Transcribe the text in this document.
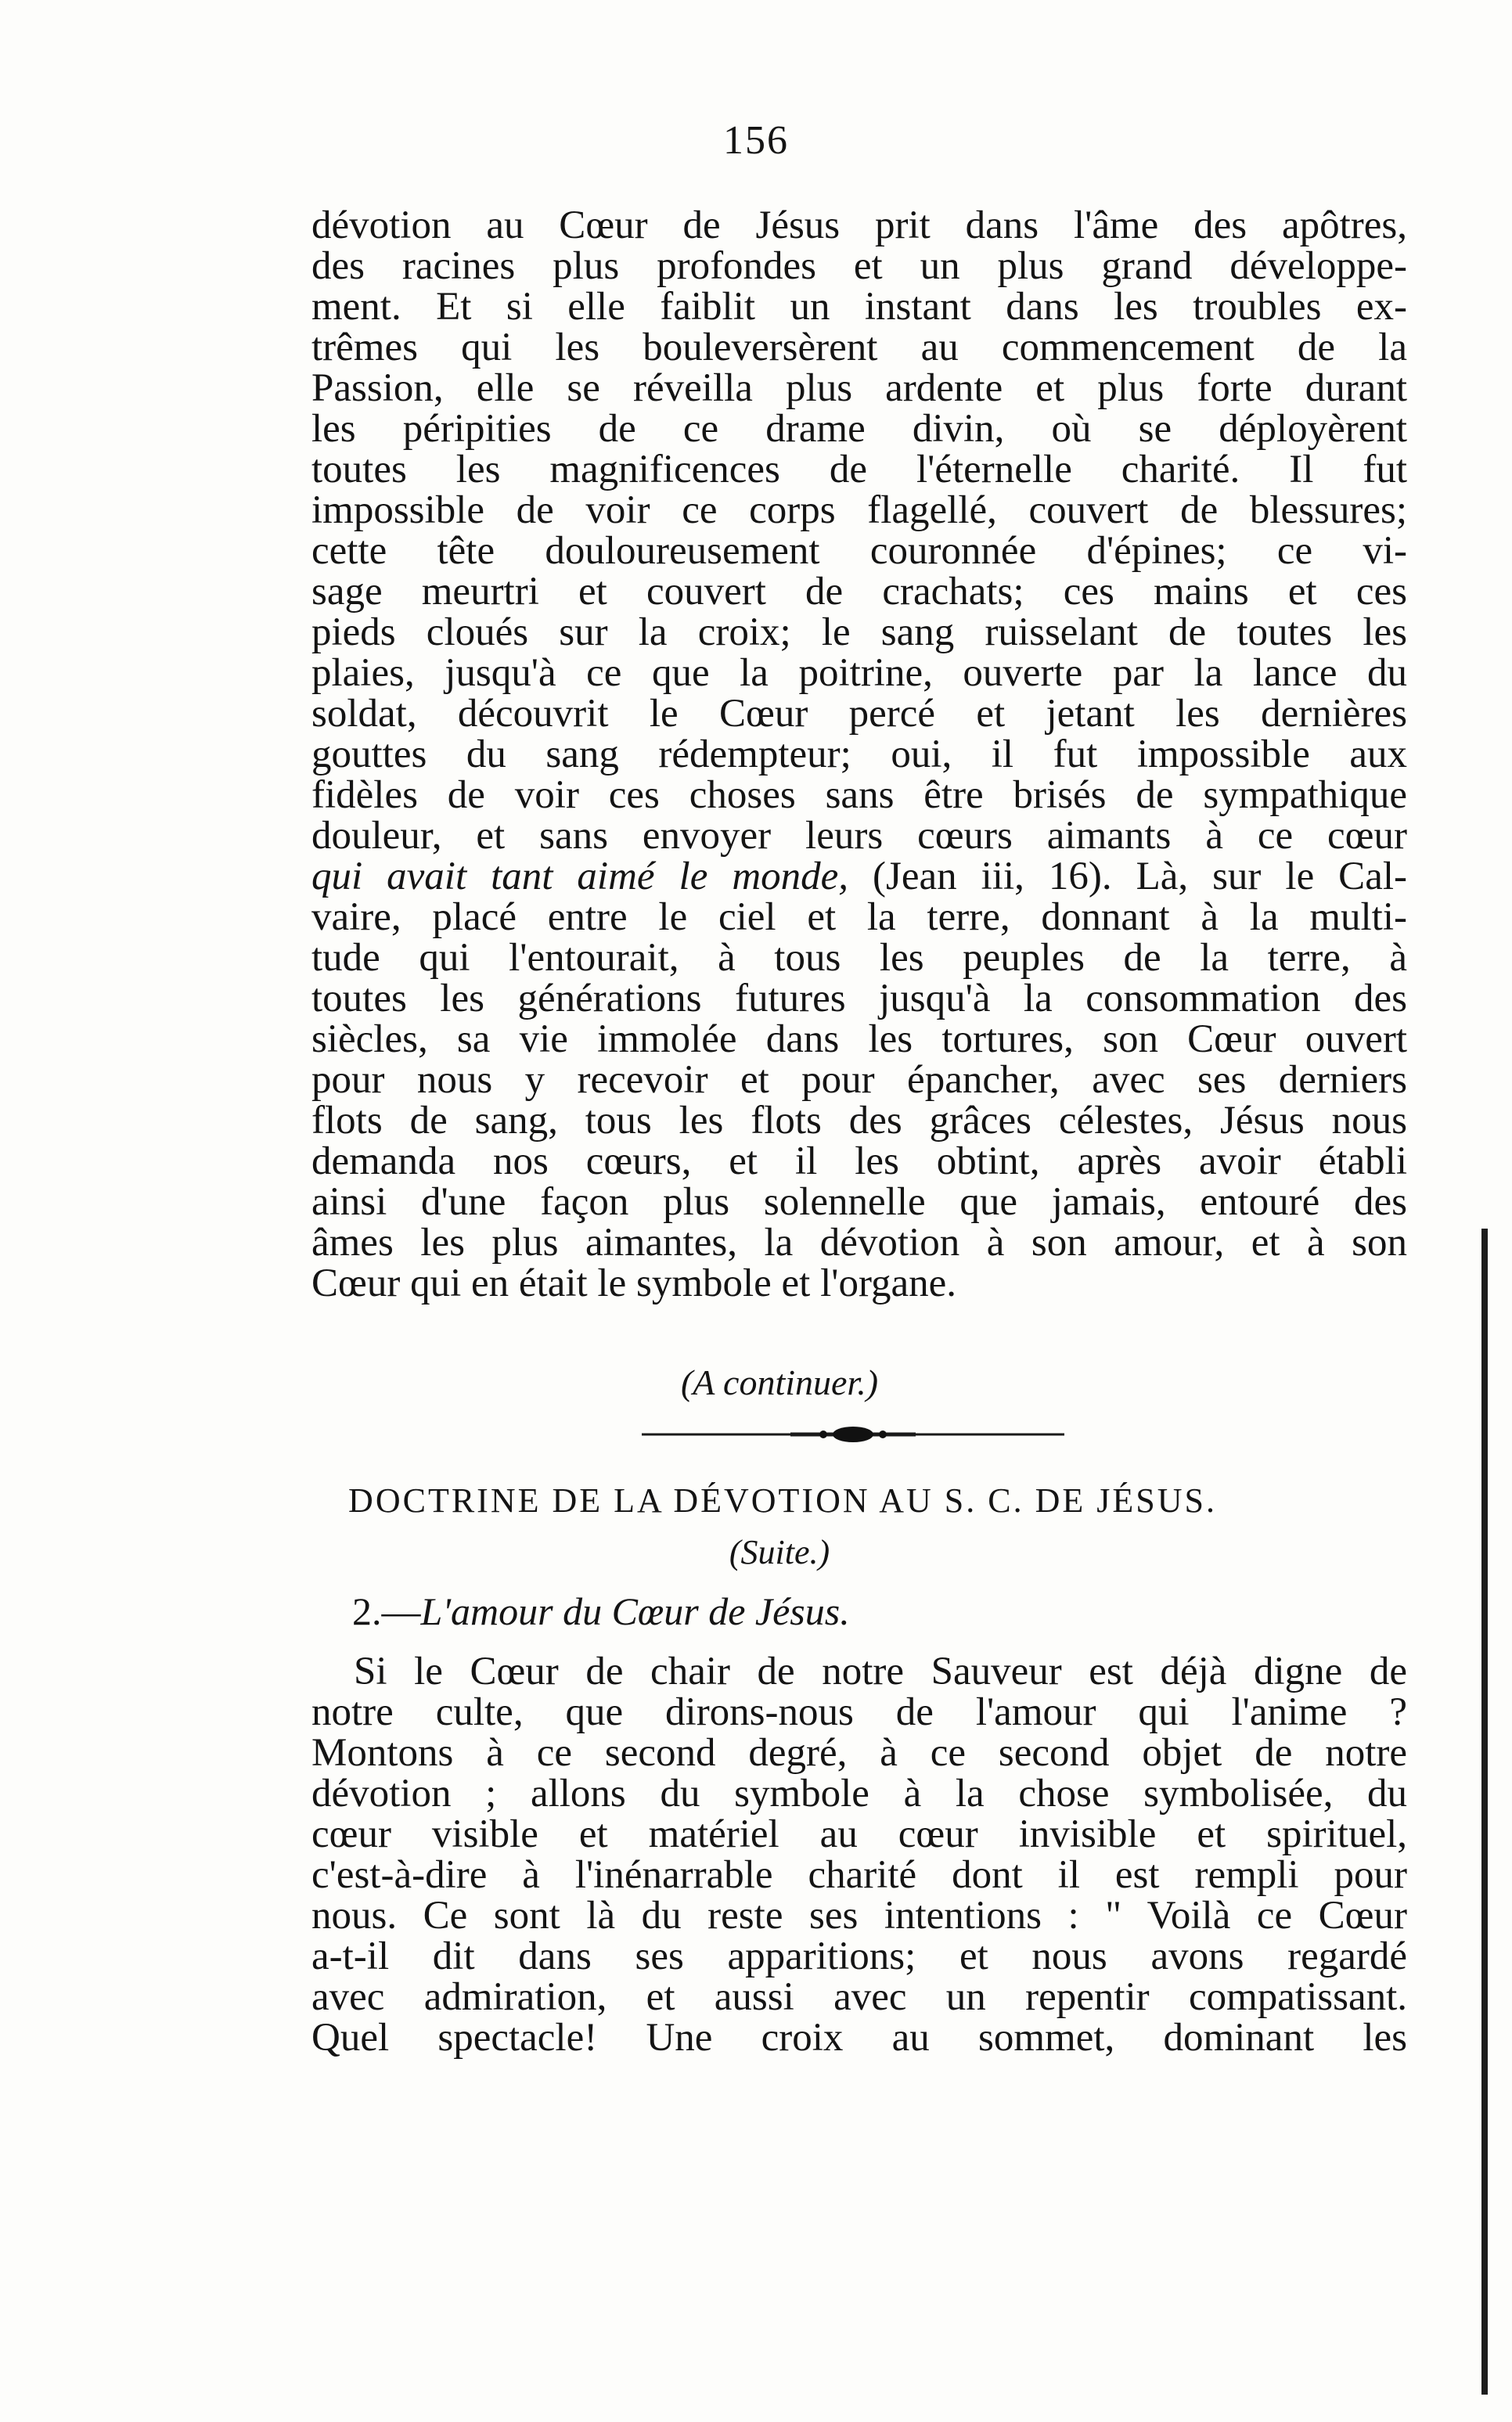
156
dévotion au Cœur de Jésus prit dans l'âme des apôtres,
des racines plus profondes et un plus grand développe-
ment. Et si elle faiblit un instant dans les troubles ex-
trêmes qui les bouleversèrent au commencement de la
Passion, elle se réveilla plus ardente et plus forte durant
les péripities de ce drame divin, où se déployèrent
toutes les magnificences de l'éternelle charité. Il fut
impossible de voir ce corps flagellé, couvert de blessures;
cette tête douloureusement couronnée d'épines; ce vi-
sage meurtri et couvert de crachats; ces mains et ces
pieds cloués sur la croix; le sang ruisselant de toutes les
plaies, jusqu'à ce que la poitrine, ouverte par la lance du
soldat, découvrit le Cœur percé et jetant les dernières
gouttes du sang rédempteur; oui, il fut impossible aux
fidèles de voir ces choses sans être brisés de sympathique
douleur, et sans envoyer leurs cœurs aimants à ce cœur
qui avait tant aimé le monde, (Jean iii, 16). Là, sur le Cal-
vaire, placé entre le ciel et la terre, donnant à la multi-
tude qui l'entourait, à tous les peuples de la terre, à
toutes les générations futures jusqu'à la consommation des
siècles, sa vie immolée dans les tortures, son Cœur ouvert
pour nous y recevoir et pour épancher, avec ses derniers
flots de sang, tous les flots des grâces célestes, Jésus nous
demanda nos cœurs, et il les obtint, après avoir établi
ainsi d'une façon plus solennelle que jamais, entouré des
âmes les plus aimantes, la dévotion à son amour, et à son
Cœur qui en était le symbole et l'organe.
(A continuer.)
DOCTRINE DE LA DÉVOTION AU S. C. DE JÉSUS.
(Suite.)
2.—L'amour du Cœur de Jésus.
Si le Cœur de chair de notre Sauveur est déjà digne de
notre culte, que dirons-nous de l'amour qui l'anime ?
Montons à ce second degré, à ce second objet de notre
dévotion ; allons du symbole à la chose symbolisée, du
cœur visible et matériel au cœur invisible et spirituel,
c'est-à-dire à l'inénarrable charité dont il est rempli pour
nous. Ce sont là du reste ses intentions : " Voilà ce Cœur
a-t-il dit dans ses apparitions; et nous avons regardé
avec admiration, et aussi avec un repentir compatissant.
Quel spectacle! Une croix au sommet, dominant les
